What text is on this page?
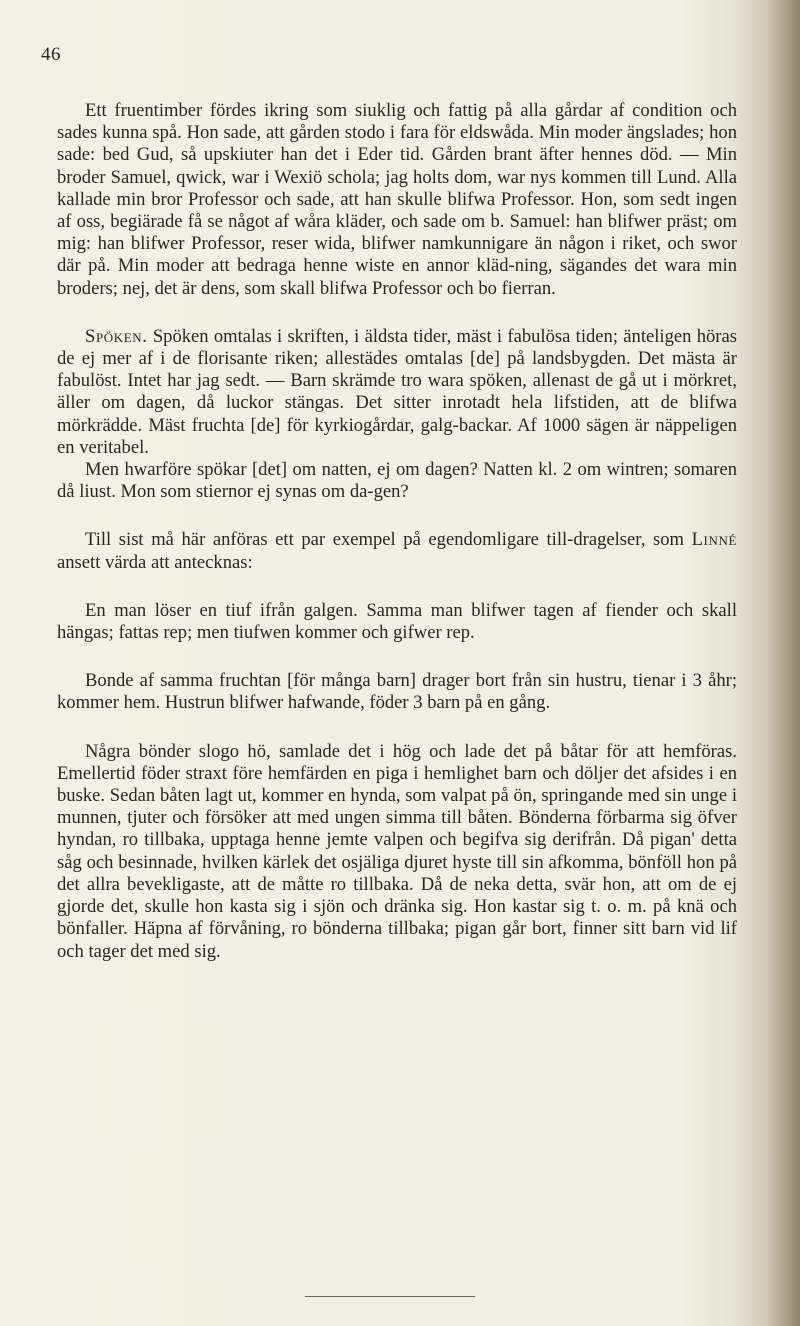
46

Ett fruentimber fördes ikring som siuklig och fattig på alla gårdar af condition och sades kunna spå. Hon sade, att gården stodo i fara för eldswåda. Min moder ängslades; hon sade: bed Gud, så upskiuter han det i Eder tid. Gården brant äfter hennes död. — Min broder Samuel, qwick, war i Wexiö schola; jag holts dom, war nys kommen till Lund. Alla kallade min bror Professor och sade, att han skulle blifwa Professor. Hon, som sedt ingen af oss, begiärade få se något af wåra kläder, och sade om b. Samuel: han blifwer präst; om mig: han blifwer Professor, reser wida, blifwer namkunnigare än någon i riket, och swor där på. Min moder att bedraga henne wiste en annor kläd-ning, sägandes det wara min broders; nej, det är dens, som skall blifwa Professor och bo fierran.

Spöken. Spöken omtalas i skriften, i äldsta tider, mäst i fabulösa tiden; änteligen höras de ej mer af i de florisante riken; allestädes omtalas [de] på landsbygden. Det mästa är fabulöst. Intet har jag sedt. — Barn skrämde tro wara spöken, allenast de gå ut i mörkret, äller om dagen, då luckor stängas. Det sitter inrotadt hela lifstiden, att de blifwa mörkrädde. Mäst fruchta [de] för kyrkiogårdar, galg-backar. Af 1000 sägen är näppeligen en veritabel.

Men hwarföre spökar [det] om natten, ej om dagen? Natten kl. 2 om wintren; somaren då liust. Mon som stiernor ej synas om da-gen?

Till sist må här anföras ett par exempel på egendomligare till-dragelser, som Linné ansett värda att antecknas:

En man löser en tiuf ifrån galgen. Samma man blifwer tagen af fiender och skall hängas; fattas rep; men tiufwen kommer och gifwer rep.

Bonde af samma fruchtan [för många barn] drager bort från sin hustru, tienar i 3 åhr; kommer hem. Hustrun blifwer hafwande, föder 3 barn på en gång.

Några bönder slogo hö, samlade det i hög och lade det på båtar för att hemföras. Emellertid föder straxt före hemfärden en piga i hemlighet barn och döljer det afsides i en buske. Sedan båten lagt ut, kommer en hynda, som valpat på ön, springande med sin unge i munnen, tjuter och försöker att med ungen simma till båten. Bönderna förbarma sig öfver hyndan, ro tillbaka, upptaga henne jemte valpen och begifva sig derifrån. Då pigan' detta såg och besinnade, hvilken kärlek det osjäliga djuret hyste till sin afkomma, bönföll hon på det allra bevekligaste, att de måtte ro tillbaka. Då de neka detta, svär hon, att om de ej gjorde det, skulle hon kasta sig i sjön och dränka sig. Hon kastar sig t. o. m. på knä och bönfaller. Häpna af förvåning, ro bönderna tillbaka; pigan går bort, finner sitt barn vid lif och tager det med sig.
